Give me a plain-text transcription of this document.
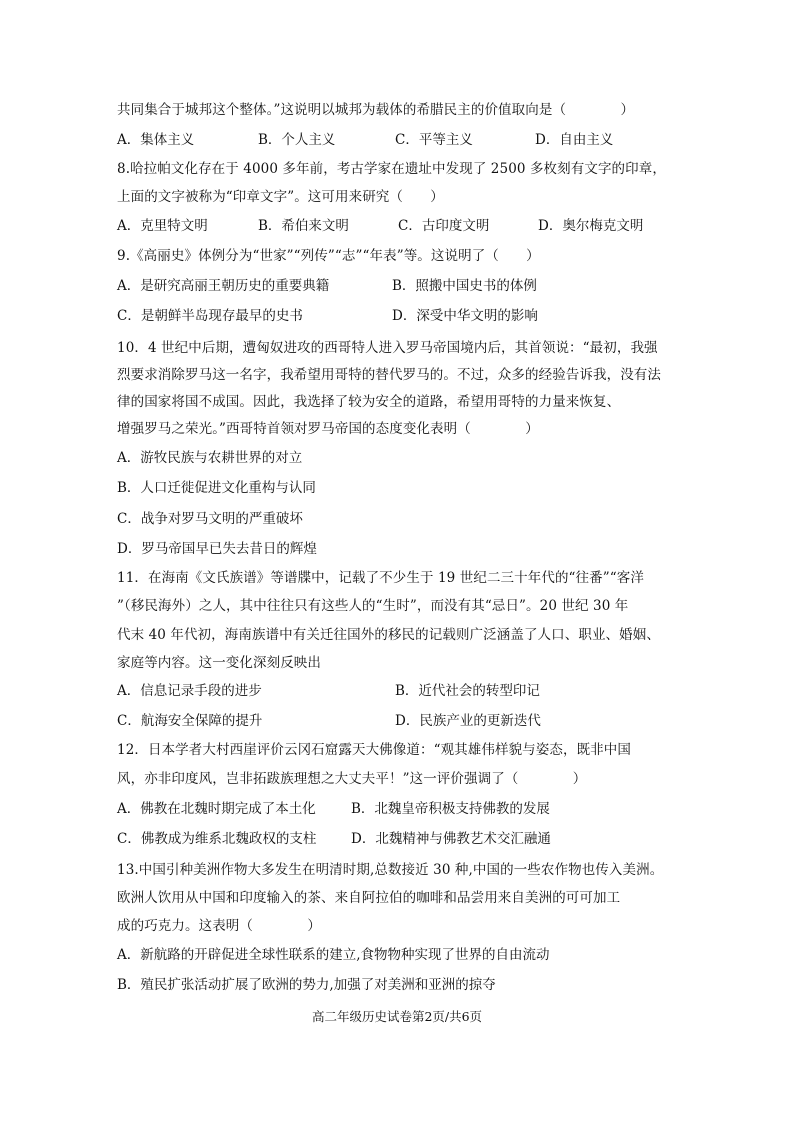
共同集合于城邦这个整体。”这说明以城邦为载体的希腊民主的价值取向是（　　　　）
A．集体主义	B．个人主义	C．平等主义	D．自由主义
8.哈拉帕文化存在于 4000 多年前，考古学家在遗址中发现了 2500 多枚刻有文字的印章，
上面的文字被称为“印章文字”。这可用来研究（　　）
A．克里特文明	B．希伯来文明	C．古印度文明	D．奥尔梅克文明
9.《高丽史》体例分为“世家”“列传”“志”“年表”等。这说明了（　　）
A．是研究高丽王朝历史的重要典籍	B．照搬中国史书的体例
C．是朝鲜半岛现存最早的史书	D．深受中华文明的影响
10．4 世纪中后期，遭匈奴进攻的西哥特人进入罗马帝国境内后，其首领说：“最初，我强
烈要求消除罗马这一名字，我希望用哥特的替代罗马的。不过，众多的经验告诉我，没有法
律的国家将国不成国。因此，我选择了较为安全的道路，希望用哥特的力量来恢复、
增强罗马之荣光。”西哥特首领对罗马帝国的态度变化表明（　　　　）
A．游牧民族与农耕世界的对立
B．人口迁徙促进文化重构与认同
C．战争对罗马文明的严重破坏
D．罗马帝国早已失去昔日的辉煌
11．在海南《文氏族谱》等谱牒中，记载了不少生于 19 世纪二三十年代的“往番”“客洋
”（移民海外）之人，其中往往只有这些人的“生时”，而没有其“忌日”。20 世纪 30 年
代末 40 年代初，海南族谱中有关迁往国外的移民的记载则广泛涵盖了人口、职业、婚姻、
家庭等内容。这一变化深刻反映出
A．信息记录手段的进步	B．近代社会的转型印记
C．航海安全保障的提升	D．民族产业的更新迭代
12．日本学者大村西崖评价云冈石窟露天大佛像道：“观其雄伟样貌与姿态，既非中国
风，亦非印度风，岂非拓跋族理想之大丈夫平！”这一评价强调了（　　　　）
A．佛教在北魏时期完成了本土化	B．北魏皇帝积极支持佛教的发展
C．佛教成为维系北魏政权的支柱	D．北魏精神与佛教艺术交汇融通
13.中国引种美洲作物大多发生在明清时期,总数接近 30 种,中国的一些农作物也传入美洲。
欧洲人饮用从中国和印度输入的茶、来自阿拉伯的咖啡和品尝用来自美洲的可可加工
成的巧克力。这表明（　　　　）
A．新航路的开辟促进全球性联系的建立,食物物种实现了世界的自由流动
B．殖民扩张活动扩展了欧洲的势力,加强了对美洲和亚洲的掠夺
高二年级历史试卷第2页/共6页
